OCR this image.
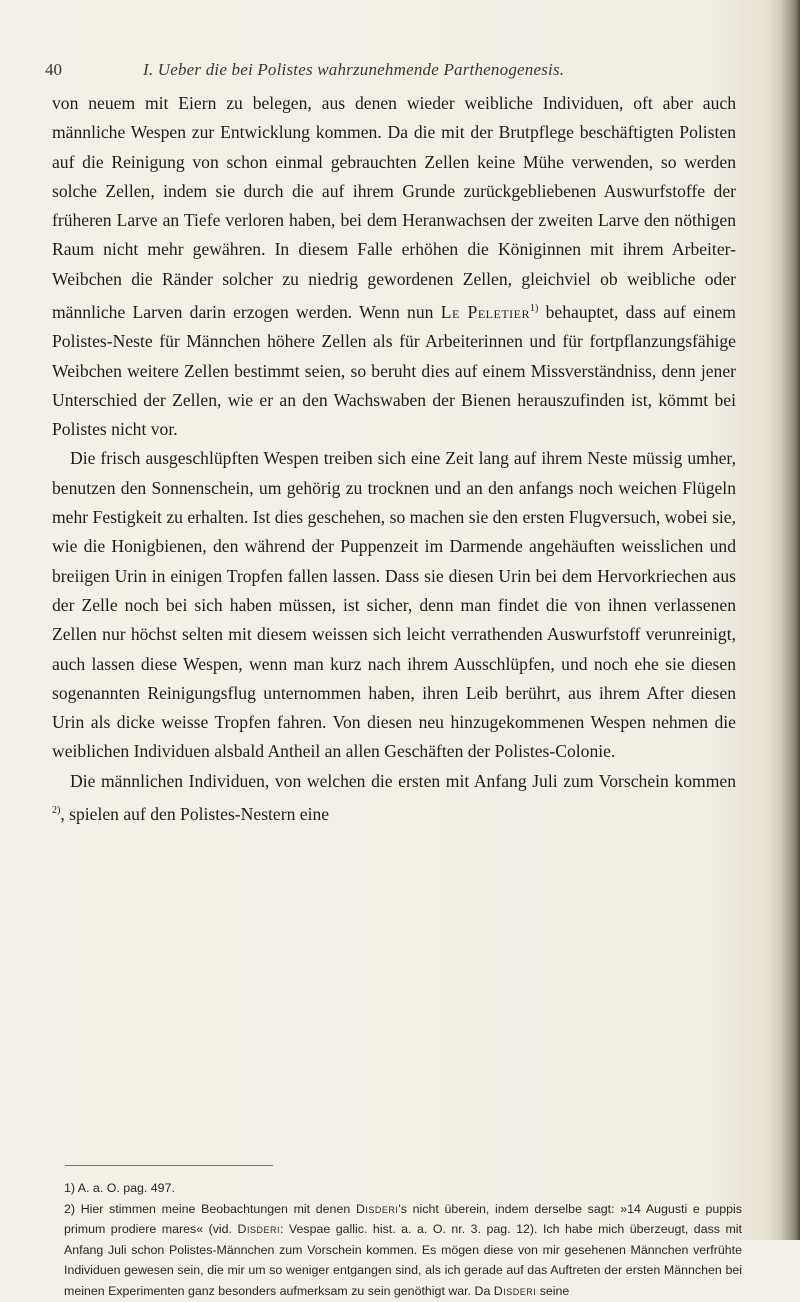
40	I. Ueber die bei Polistes wahrzunehmende Parthenogenesis.

von neuem mit Eiern zu belegen, aus denen wieder weibliche Individuen, oft aber auch männliche Wespen zur Entwicklung kommen. Da die mit der Brutpflege beschäftigten Polisten auf die Reinigung von schon einmal gebrauchten Zellen keine Mühe verwenden, so werden solche Zellen, indem sie durch die auf ihrem Grunde zurückgebliebenen Auswurfstoffe der früheren Larve an Tiefe verloren haben, bei dem Heranwachsen der zweiten Larve den nöthigen Raum nicht mehr gewähren. In diesem Falle erhöhen die Königinnen mit ihrem Arbeiter-Weibchen die Ränder solcher zu niedrig gewordenen Zellen, gleichviel ob weibliche oder männliche Larven darin erzogen werden. Wenn nun Le Peletier$^{1)}$ behauptet, dass auf einem Polistes-Neste für Männchen höhere Zellen als für Arbeiterinnen und für fortpflanzungsfähige Weibchen weitere Zellen bestimmt seien, so beruht dies auf einem Missverständniss, denn jener Unterschied der Zellen, wie er an den Wachswaben der Bienen herauszufinden ist, kömmt bei Polistes nicht vor.

Die frisch ausgeschlüpften Wespen treiben sich eine Zeit lang auf ihrem Neste müssig umher, benutzen den Sonnenschein, um gehörig zu trocknen und an den anfangs noch weichen Flügeln mehr Festigkeit zu erhalten. Ist dies geschehen, so machen sie den ersten Flugversuch, wobei sie, wie die Honigbienen, den während der Puppenzeit im Darmende angehäuften weisslichen und breiigen Urin in einigen Tropfen fallen lassen. Dass sie diesen Urin bei dem Hervorkriechen aus der Zelle noch bei sich haben müssen, ist sicher, denn man findet die von ihnen verlassenen Zellen nur höchst selten mit diesem weissen sich leicht verrathenden Auswurfstoff verunreinigt, auch lassen diese Wespen, wenn man kurz nach ihrem Ausschlüpfen, und noch ehe sie diesen sogenannten Reinigungsflug unternommen haben, ihren Leib berührt, aus ihrem After diesen Urin als dicke weisse Tropfen fahren. Von diesen neu hinzugekommenen Wespen nehmen die weiblichen Individuen alsbald Antheil an allen Geschäften der Polistes-Colonie.

Die männlichen Individuen, von welchen die ersten mit Anfang Juli zum Vorschein kommen $^{2)}$, spielen auf den Polistes-Nestern eine

1) A. a. O. pag. 497.

2) Hier stimmen meine Beobachtungen mit denen Disderi's nicht überein, indem derselbe sagt: »14 Augusti e puppis primum prodiere mares« (vid. Disderi: Vespae gallic. hist. a. a. O. nr. 3. pag. 12). Ich habe mich überzeugt, dass mit Anfang Juli schon Polistes-Männchen zum Vorschein kommen. Es mögen diese von mir gesehenen Männchen verfrühte Individuen gewesen sein, die mir um so weniger entgangen sind, als ich gerade auf das Auftreten der ersten Männchen bei meinen Experimenten ganz besonders aufmerksam zu sein genöthigt war. Da Disderi seine
